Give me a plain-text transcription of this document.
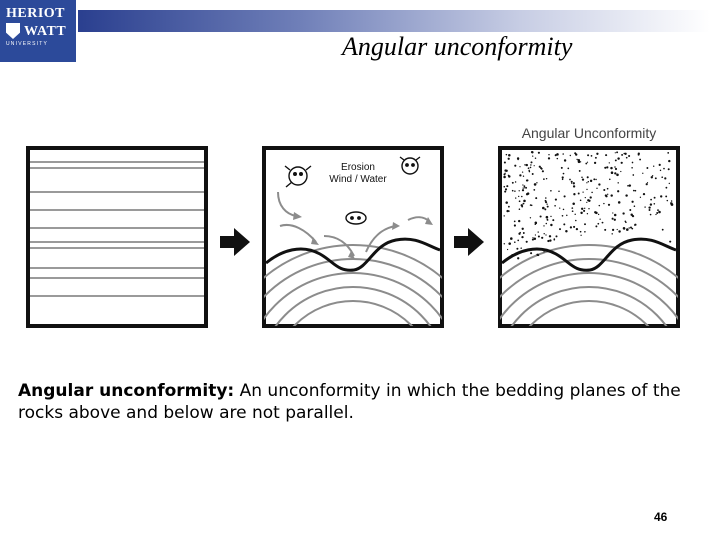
HERIOT
WATT
UNIVERSITY	Angular unconformity
Erosion
Wind / Water
Angular Unconformity

Angular unconformity: An unconformity in which the bedding planes of the rocks above and below are not parallel.

46
